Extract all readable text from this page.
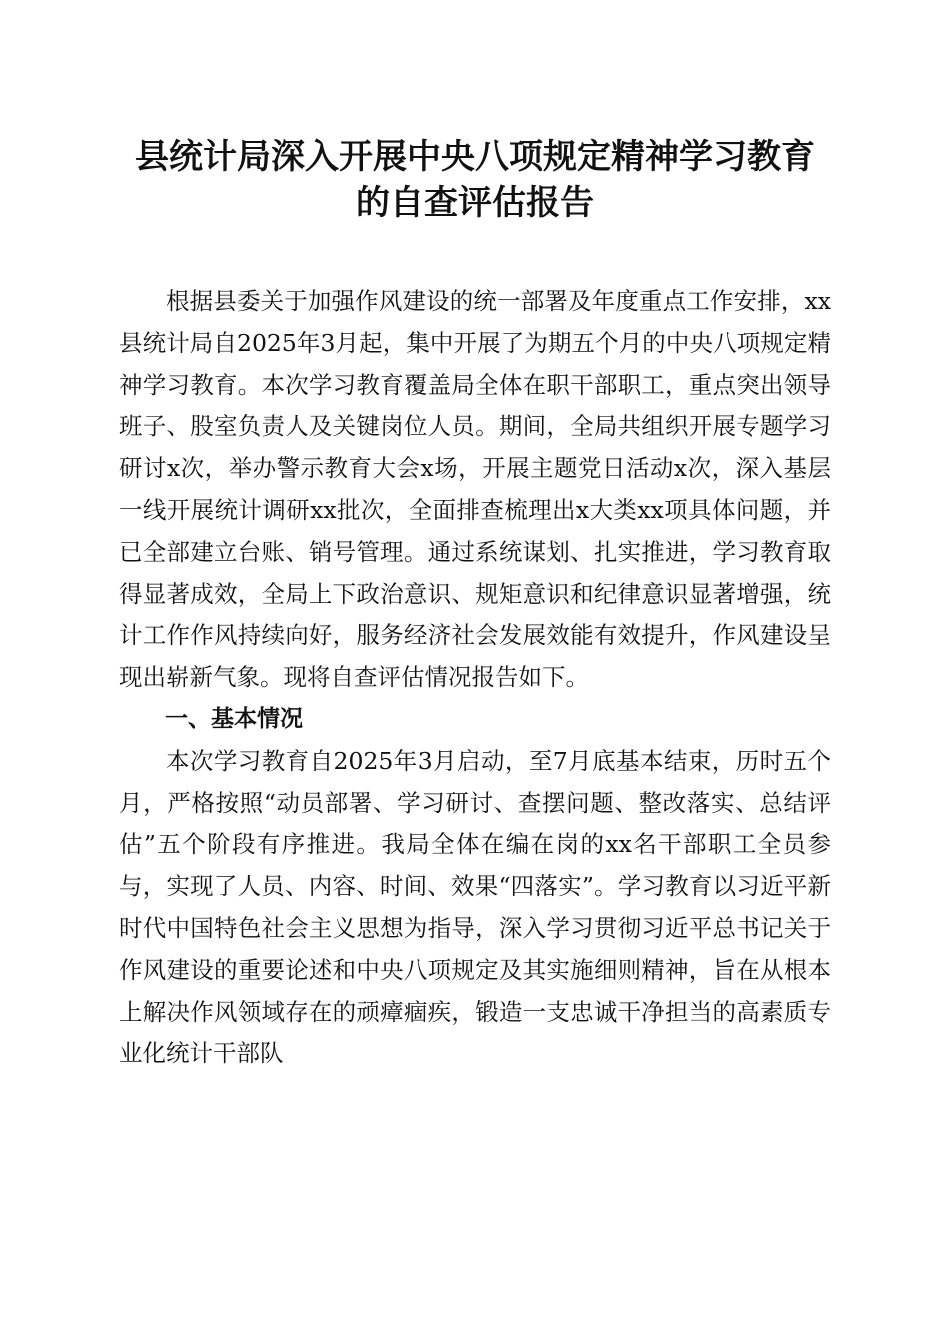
县统计局深入开展中央八项规定精神学习教育
的自查评估报告

根据县委关于加强作风建设的统一部署及年度重点工作安排，xx县统计局自2025年3月起，集中开展了为期五个月的中央八项规定精神学习教育。本次学习教育覆盖局全体在职干部职工，重点突出领导班子、股室负责人及关键岗位人员。期间，全局共组织开展专题学习研讨x次，举办警示教育大会x场，开展主题党日活动x次，深入基层一线开展统计调研xx批次，全面排查梳理出x大类xx项具体问题，并已全部建立台账、销号管理。通过系统谋划、扎实推进，学习教育取得显著成效，全局上下政治意识、规矩意识和纪律意识显著增强，统计工作作风持续向好，服务经济社会发展效能有效提升，作风建设呈现出崭新气象。现将自查评估情况报告如下。

一、基本情况

本次学习教育自2025年3月启动，至7月底基本结束，历时五个月，严格按照“动员部署、学习研讨、查摆问题、整改落实、总结评估”五个阶段有序推进。我局全体在编在岗的xx名干部职工全员参与，实现了人员、内容、时间、效果“四落实”。学习教育以习近平新时代中国特色社会主义思想为指导，深入学习贯彻习近平总书记关于作风建设的重要论述和中央八项规定及其实施细则精神，旨在从根本上解决作风领域存在的顽瘴痼疾，锻造一支忠诚干净担当的高素质专业化统计干部队
